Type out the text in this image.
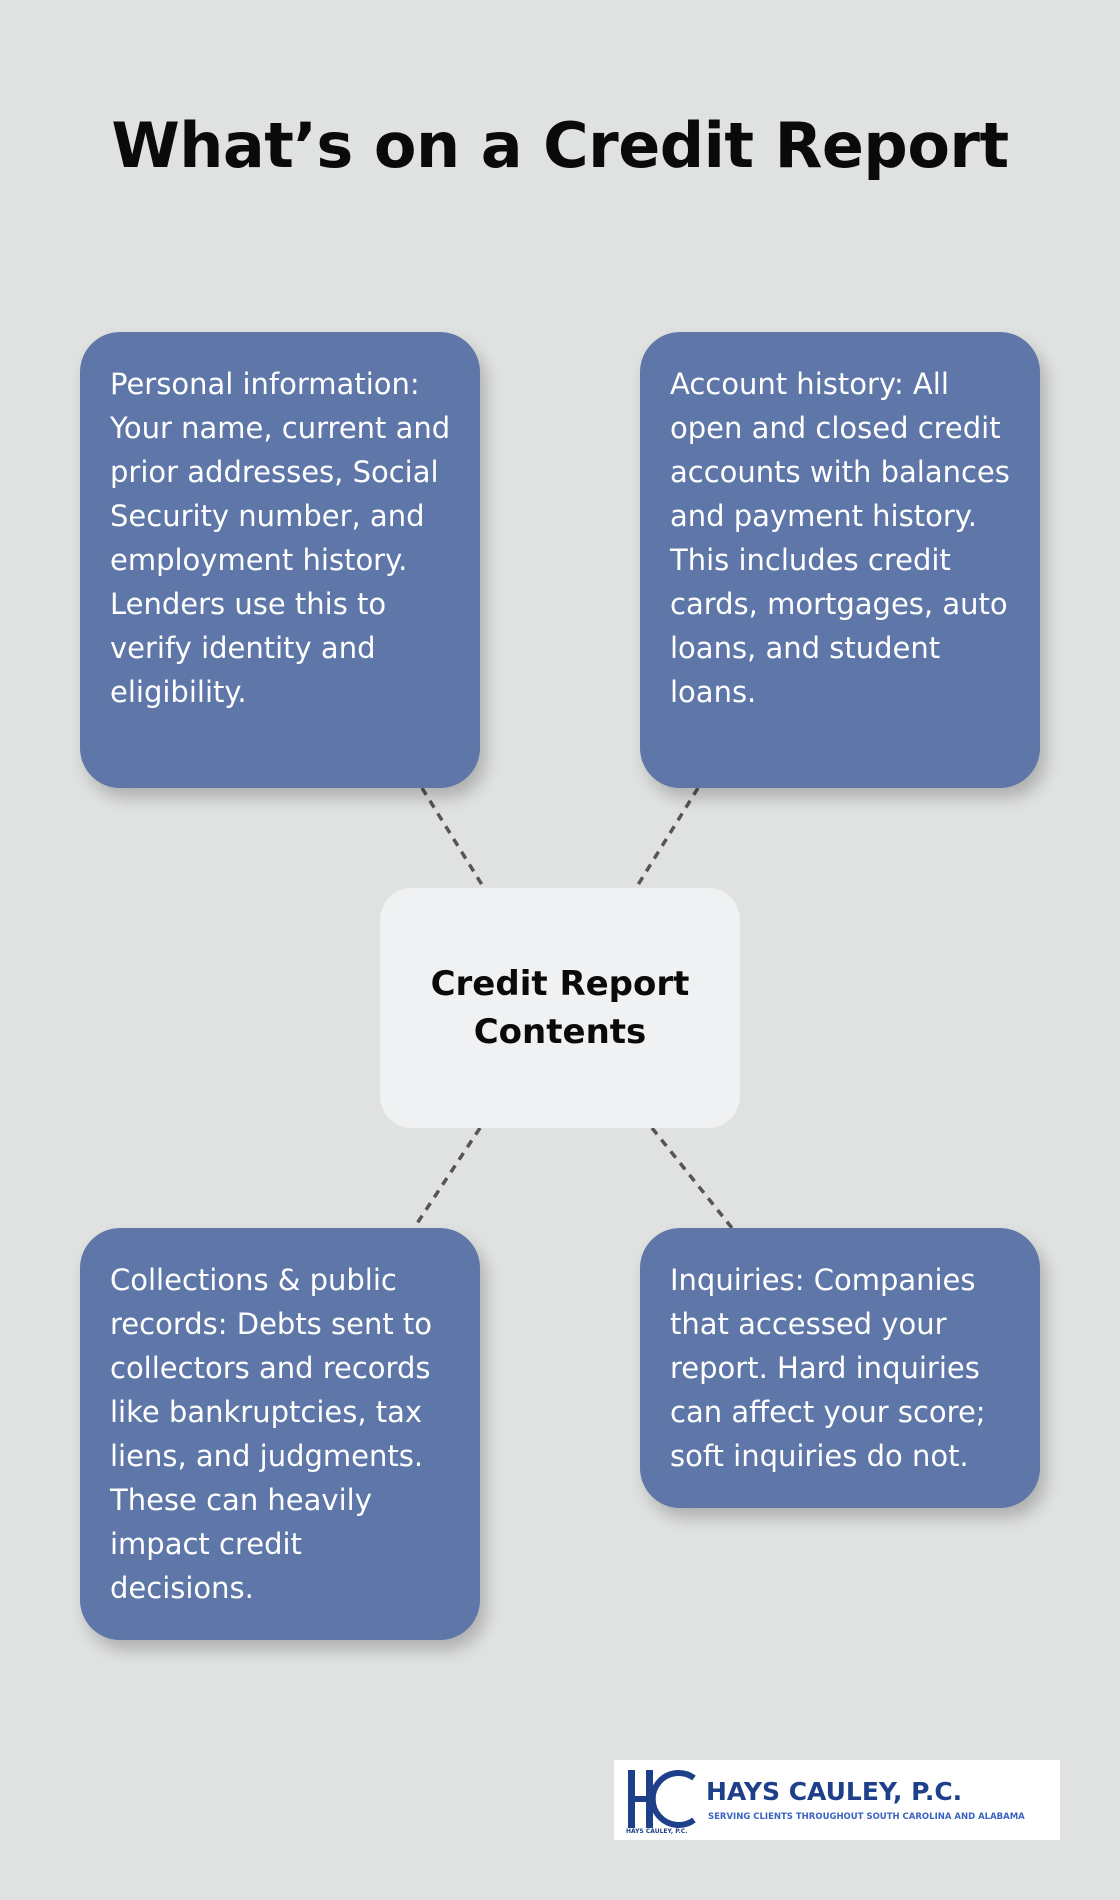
What’s on a Credit Report
Personal information: Your name, current and prior addresses, Social Security number, and employment history. Lenders use this to verify identity and eligibility.
Account history: All open and closed credit accounts with balances and payment history. This includes credit cards, mortgages, auto loans, and student loans.
Credit Report Contents
Collections & public records: Debts sent to collectors and records like bankruptcies, tax liens, and judgments. These can heavily impact credit decisions.
Inquiries: Companies that accessed your report. Hard inquiries can affect your score; soft inquiries do not.
HAYS CAULEY, P.C.
SERVING CLIENTS THROUGHOUT SOUTH CAROLINA AND ALABAMA
HAYS CAULEY, P.C.
